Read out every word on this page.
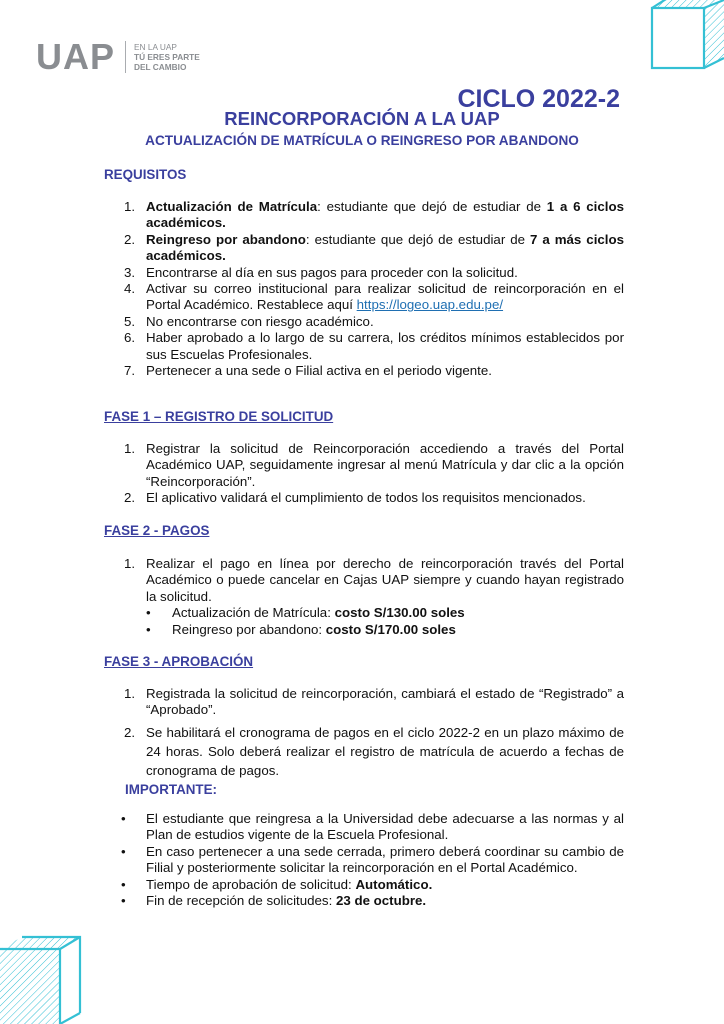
UAP EN LA UAP
TÚ ERES PARTE
DEL CAMBIO
CICLO 2022-2
REINCORPORACIÓN A LA UAP
ACTUALIZACIÓN DE MATRÍCULA O REINGRESO POR ABANDONO
REQUISITOS
1. Actualización de Matrícula: estudiante que dejó de estudiar de 1 a 6 ciclos académicos.
2. Reingreso por abandono: estudiante que dejó de estudiar de 7 a más ciclos académicos.
3. Encontrarse al día en sus pagos para proceder con la solicitud.
4. Activar su correo institucional para realizar solicitud de reincorporación en el Portal Académico. Restablece aquí https://logeo.uap.edu.pe/
5. No encontrarse con riesgo académico.
6. Haber aprobado a lo largo de su carrera, los créditos mínimos establecidos por sus Escuelas Profesionales.
7. Pertenecer a una sede o Filial activa en el periodo vigente.
FASE 1 – REGISTRO DE SOLICITUD
1. Registrar la solicitud de Reincorporación accediendo a través del Portal Académico UAP, seguidamente ingresar al menú Matrícula y dar clic a la opción “Reincorporación”.
2. El aplicativo validará el cumplimiento de todos los requisitos mencionados.
FASE 2 - PAGOS
1. Realizar el pago en línea por derecho de reincorporación través del Portal Académico o puede cancelar en Cajas UAP siempre y cuando hayan registrado la solicitud.
• Actualización de Matrícula: costo S/130.00 soles
• Reingreso por abandono: costo S/170.00 soles
FASE 3 - APROBACIÓN
1. Registrada la solicitud de reincorporación, cambiará el estado de “Registrado” a “Aprobado”.
2. Se habilitará el cronograma de pagos en el ciclo 2022-2 en un plazo máximo de 24 horas. Solo deberá realizar el registro de matrícula de acuerdo a fechas de cronograma de pagos.
IMPORTANTE:
• El estudiante que reingresa a la Universidad debe adecuarse a las normas y al Plan de estudios vigente de la Escuela Profesional.
• En caso pertenecer a una sede cerrada, primero deberá coordinar su cambio de Filial y posteriormente solicitar la reincorporación en el Portal Académico.
• Tiempo de aprobación de solicitud: Automático.
• Fin de recepción de solicitudes: 23 de octubre.
